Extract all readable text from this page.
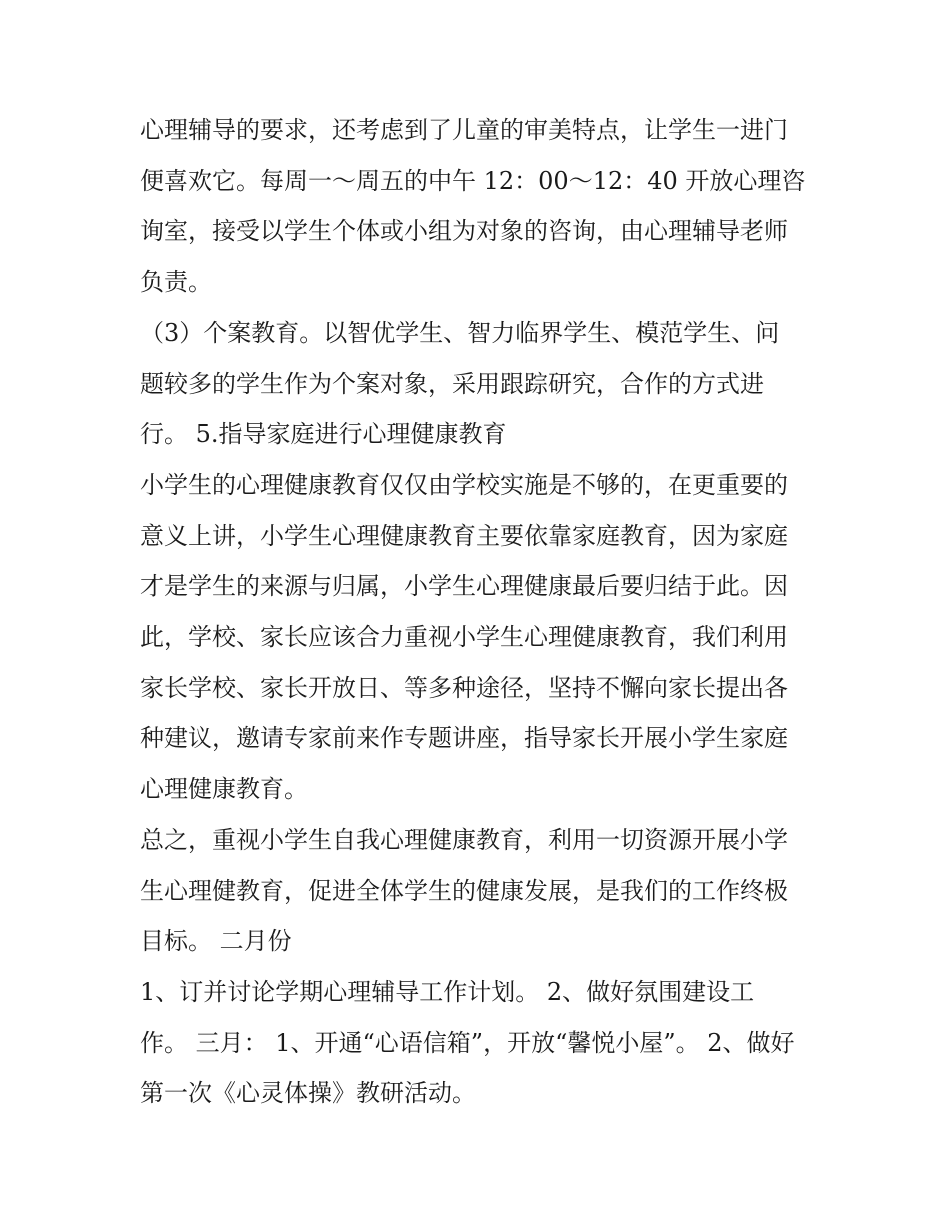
心理辅导的要求，还考虑到了儿童的审美特点，让学生一进门
便喜欢它。每周一～周五的中午 12：00～12：40 开放心理咨
询室，接受以学生个体或小组为对象的咨询，由心理辅导老师
负责。
（3）个案教育。以智优学生、智力临界学生、模范学生、问
题较多的学生作为个案对象，采用跟踪研究，合作的方式进
行。 5.指导家庭进行心理健康教育
小学生的心理健康教育仅仅由学校实施是不够的，在更重要的
意义上讲，小学生心理健康教育主要依靠家庭教育，因为家庭
才是学生的来源与归属，小学生心理健康最后要归结于此。因
此，学校、家长应该合力重视小学生心理健康教育，我们利用
家长学校、家长开放日、等多种途径，坚持不懈向家长提出各
种建议，邀请专家前来作专题讲座，指导家长开展小学生家庭
心理健康教育。
总之，重视小学生自我心理健康教育，利用一切资源开展小学
生心理健教育，促进全体学生的健康发展，是我们的工作终极
目标。 二月份
1、订并讨论学期心理辅导工作计划。 2、做好氛围建设工
作。 三月： 1、开通“心语信箱”，开放“馨悦小屋”。 2、做好
第一次《心灵体操》教研活动。
